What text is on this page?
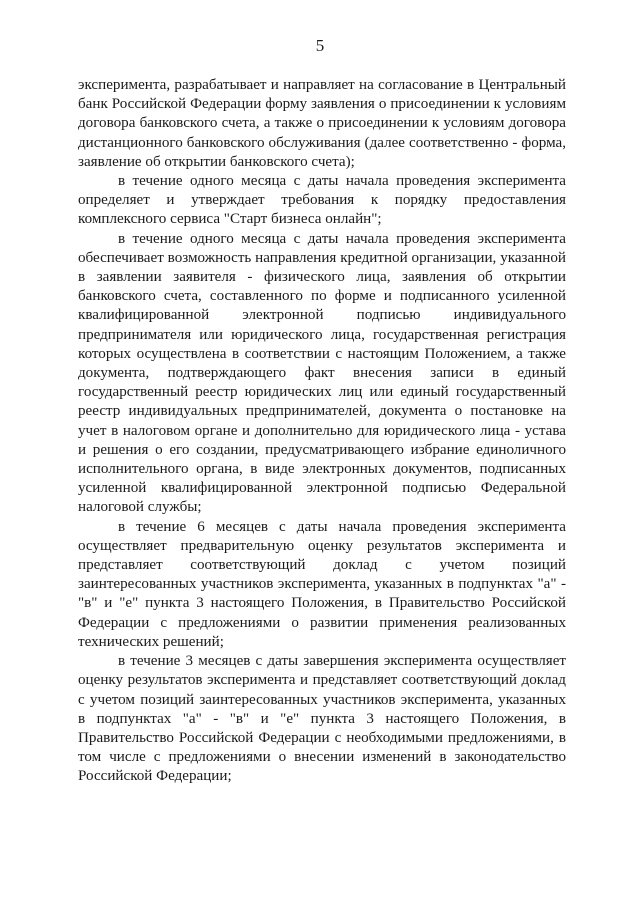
5

эксперимента, разрабатывает и направляет на согласование в Центральный банк Российской Федерации форму заявления о присоединении к условиям договора банковского счета, а также о присоединении к условиям договора дистанционного банковского обслуживания (далее соответственно - форма, заявление об открытии банковского счета);

в течение одного месяца с даты начала проведения эксперимента определяет и утверждает требования к порядку предоставления комплексного сервиса "Старт бизнеса онлайн";

в течение одного месяца с даты начала проведения эксперимента обеспечивает возможность направления кредитной организации, указанной в заявлении заявителя - физического лица, заявления об открытии банковского счета, составленного по форме и подписанного усиленной квалифицированной электронной подписью индивидуального предпринимателя или юридического лица, государственная регистрация которых осуществлена в соответствии с настоящим Положением, а также документа, подтверждающего факт внесения записи в единый государственный реестр юридических лиц или единый государственный реестр индивидуальных предпринимателей, документа о постановке на учет в налоговом органе и дополнительно для юридического лица - устава и решения о его создании, предусматривающего избрание единоличного исполнительного органа, в виде электронных документов, подписанных усиленной квалифицированной электронной подписью Федеральной налоговой службы;

в течение 6 месяцев с даты начала проведения эксперимента осуществляет предварительную оценку результатов эксперимента и представляет соответствующий доклад с учетом позиций заинтересованных участников эксперимента, указанных в подпунктах "а" - "в" и "е" пункта 3 настоящего Положения, в Правительство Российской Федерации с предложениями о развитии применения реализованных технических решений;

в течение 3 месяцев с даты завершения эксперимента осуществляет оценку результатов эксперимента и представляет соответствующий доклад с учетом позиций заинтересованных участников эксперимента, указанных в подпунктах "а" - "в" и "е" пункта 3 настоящего Положения, в Правительство Российской Федерации с необходимыми предложениями, в том числе с предложениями о внесении изменений в законодательство Российской Федерации;
